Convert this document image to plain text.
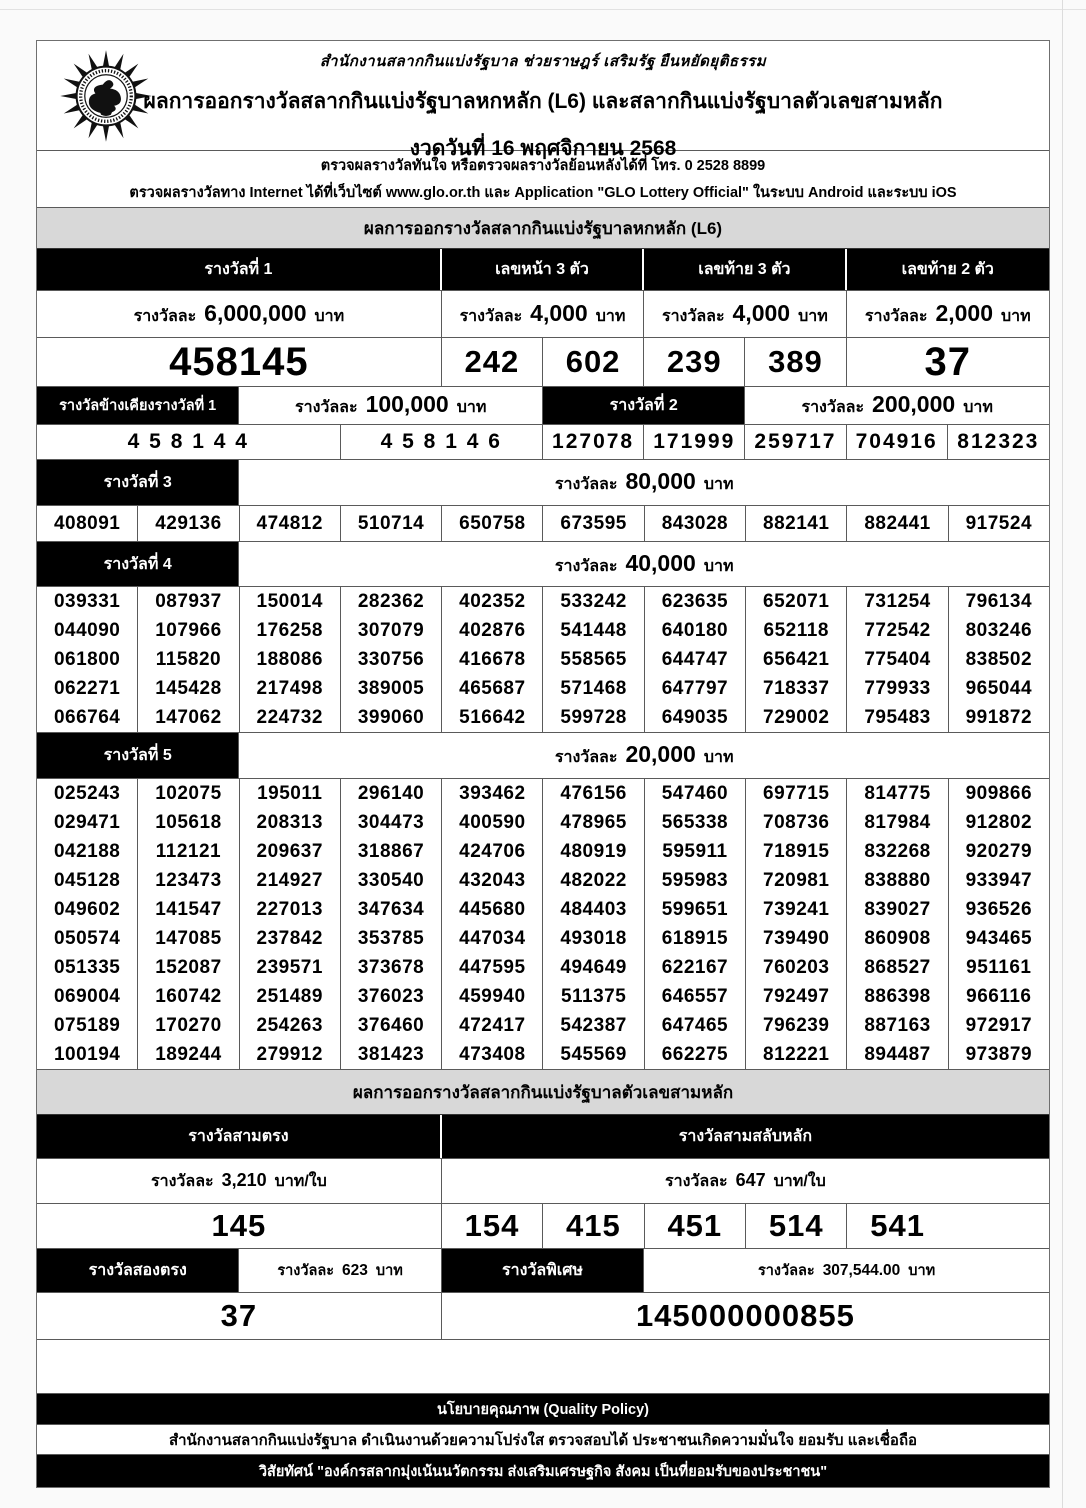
สำนักงานสลากกินแบ่งรัฐบาล ช่วยราษฎร์ เสริมรัฐ ยืนหยัดยุติธรรม
ผลการออกรางวัลสลากกินแบ่งรัฐบาลหกหลัก (L6) และสลากกินแบ่งรัฐบาลตัวเลขสามหลัก
งวดวันที่ 16 พฤศจิกายน 2568
ตรวจผลรางวัลทันใจ หรือตรวจผลรางวัลย้อนหลังได้ที่ โทร. 0 2528 8899
ตรวจผลรางวัลทาง Internet ได้ที่เว็บไซต์ www.glo.or.th และ Application "GLO Lottery Official" ในระบบ Android และระบบ iOS
ผลการออกรางวัลสลากกินแบ่งรัฐบาลหกหลัก (L6)
รางวัลที่ 1	เลขหน้า 3 ตัว	เลขท้าย 3 ตัว	เลขท้าย 2 ตัว
รางวัลละ 6,000,000 บาท	รางวัลละ 4,000 บาท รางวัลละ 4,000 บาท รางวัลละ 2,000 บาท
458145	242	602	239	389	37
รางวัลข้างเคียงรางวัลที่ 1	รางวัลละ 100,000 บาท	รางวัลที่ 2	รางวัลละ 200,000 บาท
4 5 8 1 4 4	4 5 8 1 4 6	127078 171999 259717 704916 812323
รางวัลที่ 3	รางวัลละ 80,000 บาท
408091	429136	474812	510714	650758	673595	843028	882141	882441	917524
รางวัลที่ 4	รางวัลละ 40,000 บาท
039331	087937	150014	282362	402352	533242	623635	652071	731254	796134
044090	107966	176258	307079	402876	541448	640180	652118	772542	803246
061800	115820	188086	330756	416678	558565	644747	656421	775404	838502
062271	145428	217498	389005	465687	571468	647797	718337	779933	965044
066764	147062	224732	399060	516642	599728	649035	729002	795483	991872
รางวัลที่ 5	รางวัลละ 20,000 บาท
025243	102075	195011	296140	393462	476156	547460	697715	814775	909866
029471	105618	208313	304473	400590	478965	565338	708736	817984	912802
042188	112121	209637	318867	424706	480919	595911	718915	832268	920279
045128	123473	214927	330540	432043	482022	595983	720981	838880	933947
049602	141547	227013	347634	445680	484403	599651	739241	839027	936526
050574	147085	237842	353785	447034	493018	618915	739490	860908	943465
051335	152087	239571	373678	447595	494649	622167	760203	868527	951161
069004	160742	251489	376023	459940	511375	646557	792497	886398	966116
075189	170270	254263	376460	472417	542387	647465	796239	887163	972917
100194	189244	279912	381423	473408	545569	662275	812221	894487	973879
ผลการออกรางวัลสลากกินแบ่งรัฐบาลตัวเลขสามหลัก
รางวัลสามตรง	รางวัลสามสลับหลัก
รางวัลละ 3,210 บาท/ใบ	รางวัลละ 647 บาท/ใบ
145	154	415	451	514	541
รางวัลสองตรง	รางวัลละ 623 บาท	รางวัลพิเศษ	รางวัลละ 307,544.00 บาท
37	145000000855
นโยบายคุณภาพ (Quality Policy)
สำนักงานสลากกินแบ่งรัฐบาล ดำเนินงานด้วยความโปร่งใส ตรวจสอบได้ ประชาชนเกิดความมั่นใจ ยอมรับ และเชื่อถือ
วิสัยทัศน์ "องค์กรสลากมุ่งเน้นนวัตกรรม ส่งเสริมเศรษฐกิจ สังคม เป็นที่ยอมรับของประชาชน"
